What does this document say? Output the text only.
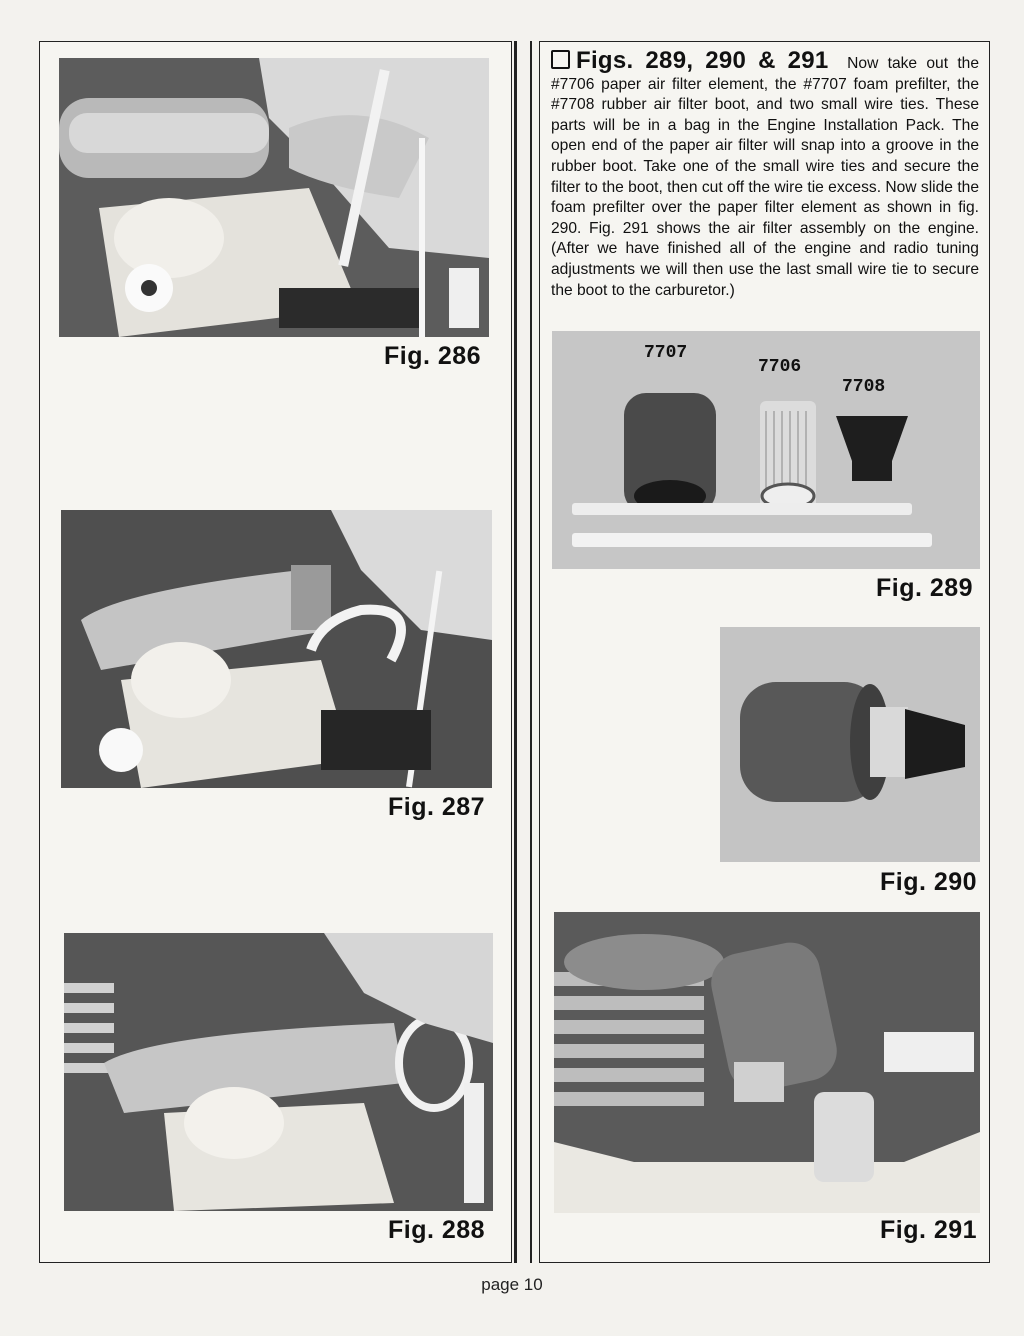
Fig. 286
Fig. 287
Fig. 288
Figs. 289, 290 & 291 Now take out the #7706 paper air filter element, the #7707 foam prefilter, the #7708 rubber air filter boot, and two small wire ties. These parts will be in a bag in the Engine Installation Pack. The open end of the paper air filter will snap into a groove in the rubber boot. Take one of the small wire ties and secure the filter to the boot, then cut off the wire tie excess. Now slide the foam prefilter over the paper filter element as shown in fig. 290. Fig. 291 shows the air filter assembly on the engine. (After we have finished all of the engine and radio tuning adjustments we will then use the last small wire tie to secure the boot to the carburetor.)
7707
7706
7708
Fig. 289
Fig. 290
Fig. 291
page 10
